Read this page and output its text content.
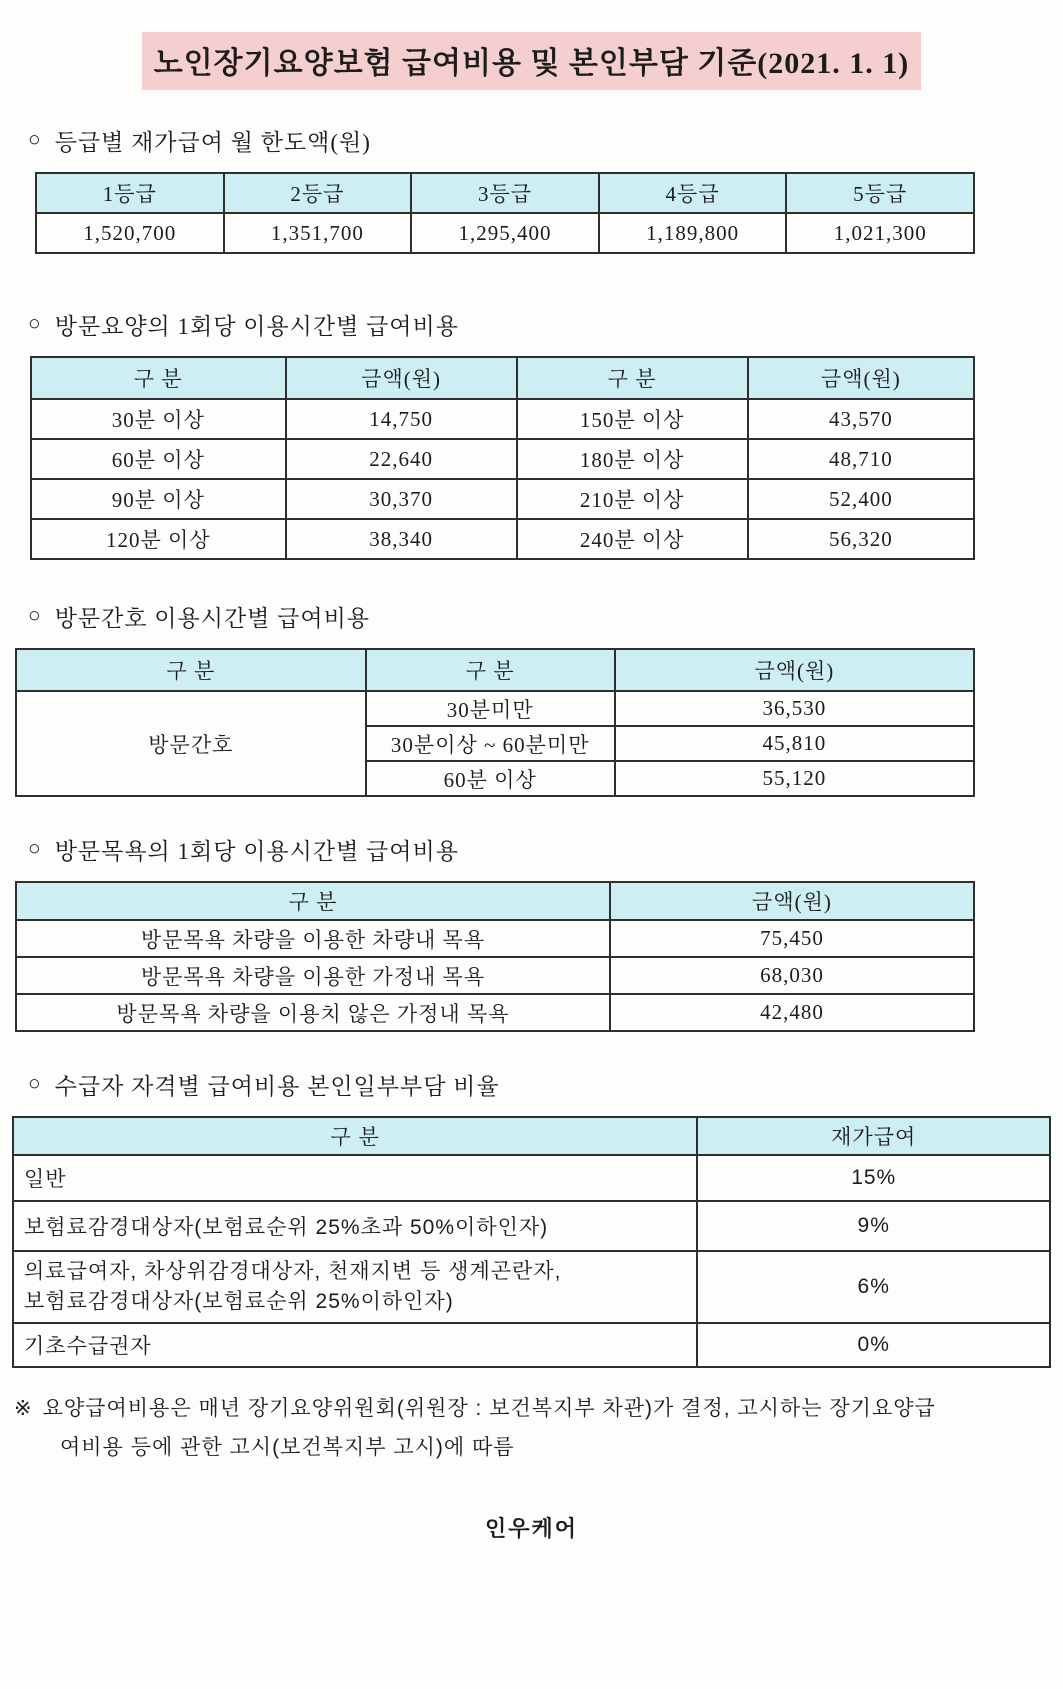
노인장기요양보험 급여비용 및 본인부담 기준(2021. 1. 1)
○ 등급별 재가급여 월 한도액(원)
1등급	2등급	3등급	4등급	5등급
1,520,700	1,351,700	1,295,400	1,189,800	1,021,300
○ 방문요양의 1회당 이용시간별 급여비용
구 분	금액(원)	구 분	금액(원)
30분 이상	14,750	150분 이상	43,570
60분 이상	22,640	180분 이상	48,710
90분 이상	30,370	210분 이상	52,400
120분 이상	38,340	240분 이상	56,320
○ 방문간호 이용시간별 급여비용
구 분	구 분	금액(원)
방문간호	30분미만	36,530
	30분이상 ~ 60분미만	45,810
	60분 이상	55,120
○ 방문목욕의 1회당 이용시간별 급여비용
구 분	금액(원)
방문목욕 차량을 이용한 차량내 목욕	75,450
방문목욕 차량을 이용한 가정내 목욕	68,030
방문목욕 차량을 이용치 않은 가정내 목욕	42,480
○ 수급자 자격별 급여비용 본인일부부담 비율
구 분	재가급여
일반	15%
보험료감경대상자(보험료순위 25%초과 50%이하인자)	9%

의료급여자, 차상위감경대상자, 천재지변 등 생계곤란자,
보험료감경대상자(보험료순위 25%이하인자)	6%
기초수급권자	0%
※ 요양급여비용은 매년 장기요양위원회(위원장 : 보건복지부 차관)가 결정, 고시하는 장기요양급
여비용 등에 관한 고시(보건복지부 고시)에 따름
인우케어
